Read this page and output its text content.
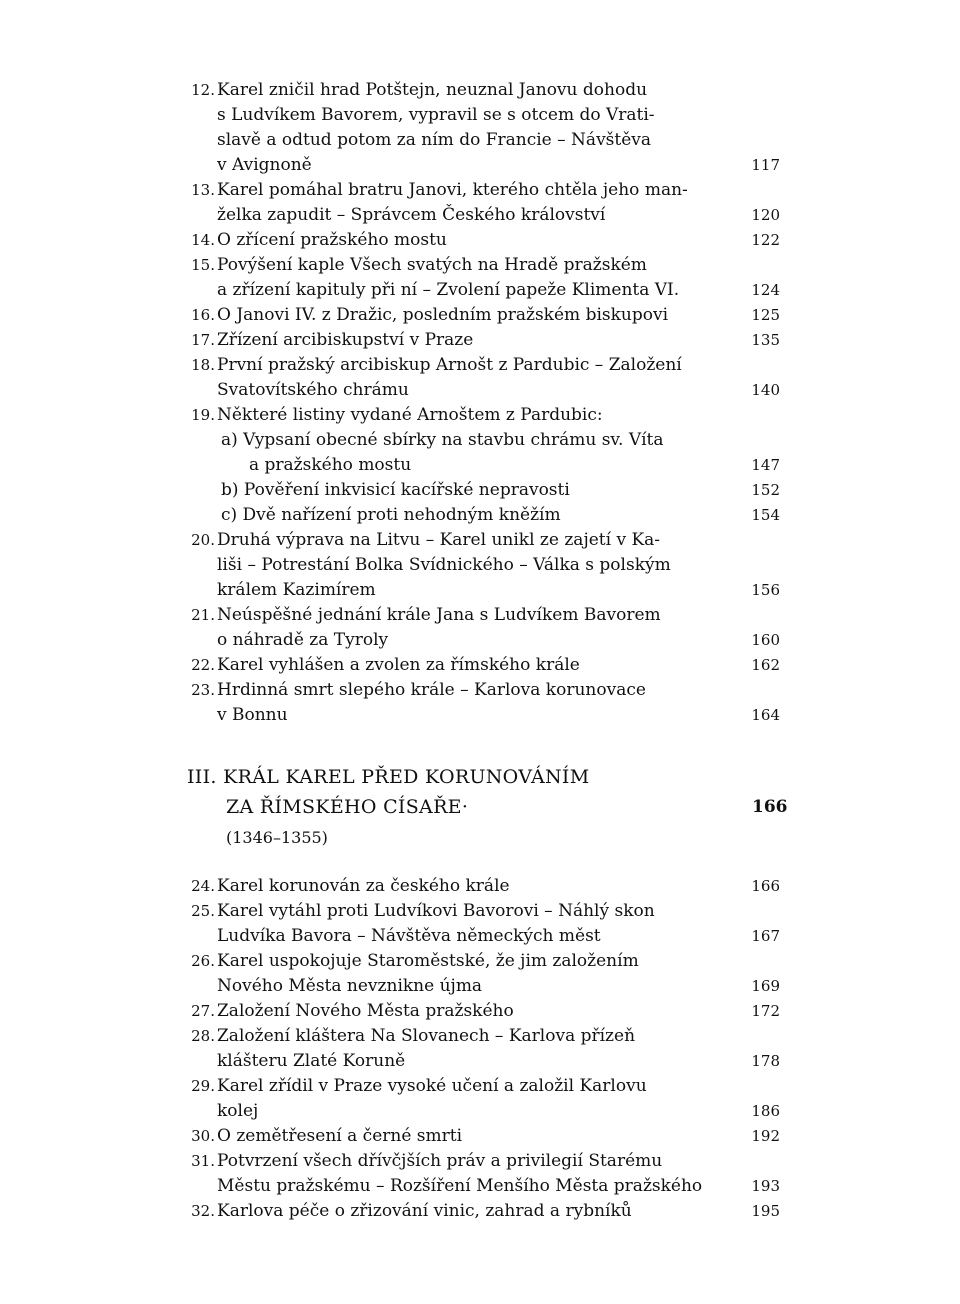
12. Karel zničil hrad Potštejn, neuznal Janovu dohodu
s Ludvíkem Bavorem, vypravil se s otcem do Vrati-
slavě a odtud potom za ním do Francie – Návštěva
v Avignoně	117
13. Karel pomáhal bratru Janovi, kterého chtěla jeho man-
želka zapudit – Správcem Českého království	120
14. O zřícení pražského mostu	122
15. Povýšení kaple Všech svatých na Hradě pražském
a zřízení kapituly při ní – Zvolení papeže Klimenta VI.	124
16. O Janovi IV. z Dražic, posledním pražském biskupovi	125
17. Zřízení arcibiskupství v Praze	135
18. První pražský arcibiskup Arnošt z Pardubic – Založení
Svatovítského chrámu	140
19. Některé listiny vydané Arnoštem z Pardubic:
a) Vypsaní obecné sbírky na stavbu chrámu sv. Víta
a pražského mostu	147
b) Pověření inkvisicí kacířské nepravosti	152
c) Dvě nařízení proti nehodným kněžím	154
20. Druhá výprava na Litvu – Karel unikl ze zajetí v Ka-
liši – Potrestání Bolka Svídnického – Válka s polským
králem Kazimírem	156
21. Neúspěšné jednání krále Jana s Ludvíkem Bavorem
o náhradě za Tyroly	160
22. Karel vyhlášen a zvolen za římského krále	162
23. Hrdinná smrt slepého krále – Karlova korunovace
v Bonnu	164
24. Karel korunován za českého krále	166
25. Karel vytáhl proti Ludvíkovi Bavorovi – Náhlý skon
Ludvíka Bavora – Návštěva německých měst	167
26. Karel uspokojuje Staroměstské, že jim založením
Nového Města nevznikne újma	169
27. Založení Nového Města pražského	172
28. Založení kláštera Na Slovanech – Karlova přízeň
klášteru Zlaté Koruně	178
29. Karel zřídil v Praze vysoké učení a založil Karlovu
kolej	186
30. O zemětřesení a černé smrti	192
31. Potvrzení všech dřívčjších práv a privilegií Starému
Městu pražskému – Rozšíření Menšího Města pražského	193
32. Karlova péče o zřizování vinic, zahrad a rybníků	195
III. KRÁL KAREL PŘED KORUNOVÁNÍM
ZA ŘÍMSKÉHO CÍSAŘE·	166
(1346–1355)
